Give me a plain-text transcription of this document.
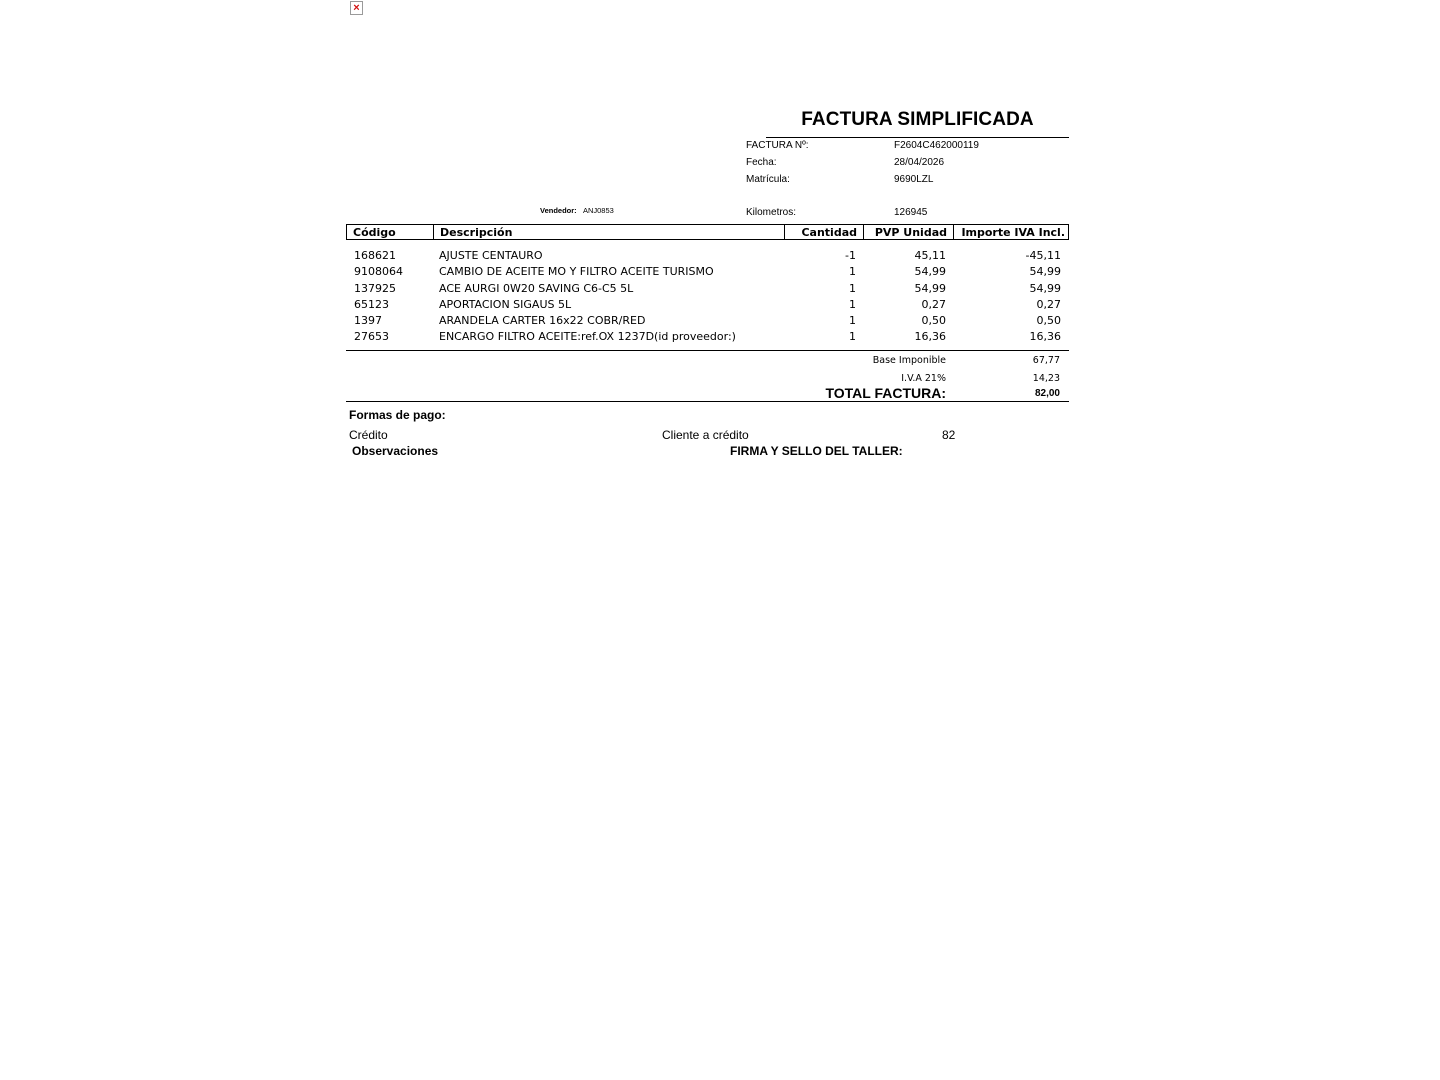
×
FACTURA SIMPLIFICADA
FACTURA Nº:	F2604C462000119
Fecha:	28/04/2026
Matrícula:	9690LZL
Kilometros:	126945
Vendedor: ANJ0853
Código	Descripción	Cantidad	PVP Unidad	Importe IVA Incl.
168621	AJUSTE CENTAURO	-1	45,11	-45,11
9108064	CAMBIO DE ACEITE MO Y FILTRO ACEITE TURISMO	1	54,99	54,99
137925	ACE AURGI 0W20 SAVING C6-C5 5L	1	54,99	54,99
65123	APORTACION SIGAUS 5L	1	0,27	0,27
1397	ARANDELA CARTER 16x22 COBR/RED	1	0,50	0,50
27653	ENCARGO FILTRO ACEITE:ref.OX 1237D(id proveedor:)	1	16,36	16,36
Base Imponible	67,77
I.V.A 21%	14,23
TOTAL FACTURA:	82,00
Formas de pago:
Crédito	Cliente a crédito	82
Observaciones	FIRMA Y SELLO DEL TALLER:
